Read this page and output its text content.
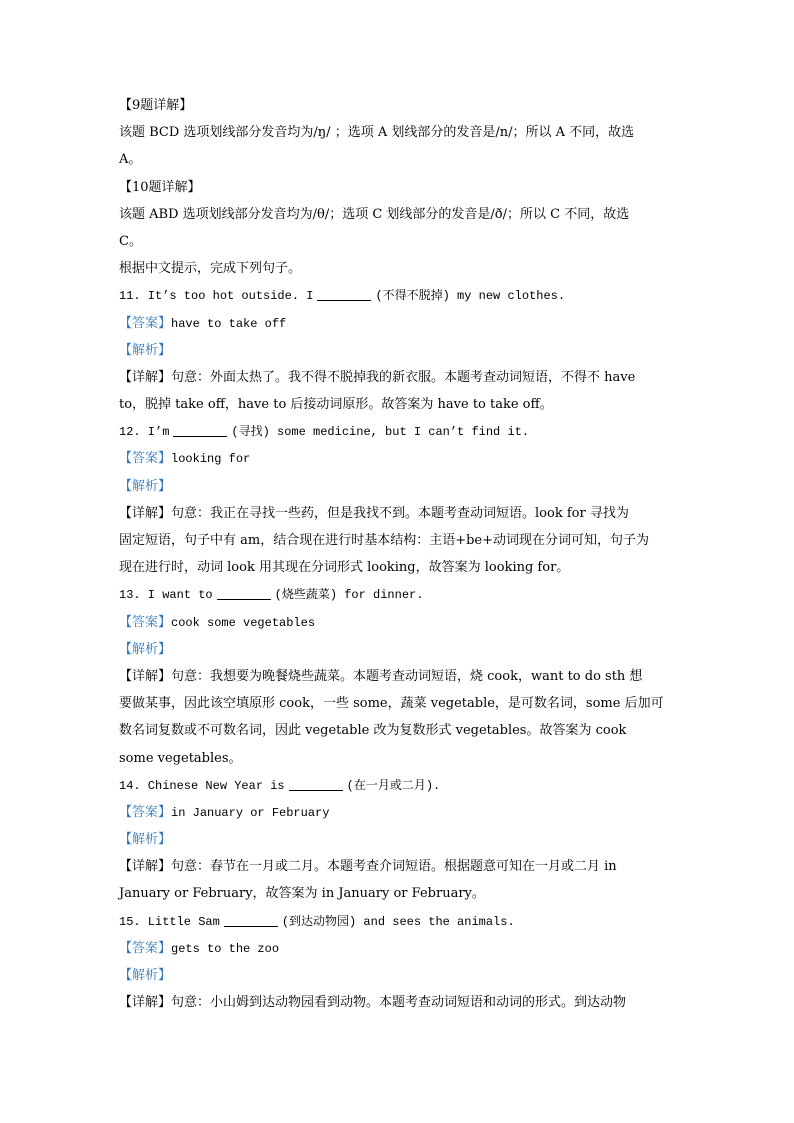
【9题详解】
该题 BCD 选项划线部分发音均为/ŋ/ ；选项 A 划线部分的发音是/n/；所以 A 不同，故选
A。
【10题详解】
该题 ABD 选项划线部分发音均为/θ/；选项 C 划线部分的发音是/ð/；所以 C 不同，故选
C。
根据中文提示，完成下列句子。
11. It’s too hot outside. I	(不得不脱掉) my new clothes.
【答案】have to take off
【解析】
【详解】句意：外面太热了。我不得不脱掉我的新衣服。本题考查动词短语，不得不 have
to，脱掉 take off，have to 后接动词原形。故答案为 have to take off。
12. I’m	(寻找) some medicine, but I can’t find it.
【答案】looking for
【解析】
【详解】句意：我正在寻找一些药，但是我找不到。本题考查动词短语。look for 寻找为
固定短语，句子中有 am，结合现在进行时基本结构：主语+be+动词现在分词可知，句子为
现在进行时，动词 look 用其现在分词形式 looking，故答案为 looking for。
13. I want to	(烧些蔬菜) for dinner.
【答案】cook some vegetables
【解析】
【详解】句意：我想要为晚餐烧些蔬菜。本题考查动词短语，烧 cook，want to do sth 想
要做某事，因此该空填原形 cook，一些 some，蔬菜 vegetable，是可数名词，some 后加可
数名词复数或不可数名词，因此 vegetable 改为复数形式 vegetables。故答案为 cook
some vegetables。
14. Chinese New Year is	(在一月或二月).
【答案】in January or February
【解析】
【详解】句意：春节在一月或二月。本题考查介词短语。根据题意可知在一月或二月 in
January or February，故答案为 in January or February。
15. Little Sam	(到达动物园) and sees the animals.
【答案】gets to the zoo
【解析】
【详解】句意：小山姆到达动物园看到动物。本题考查动词短语和动词的形式。到达动物
